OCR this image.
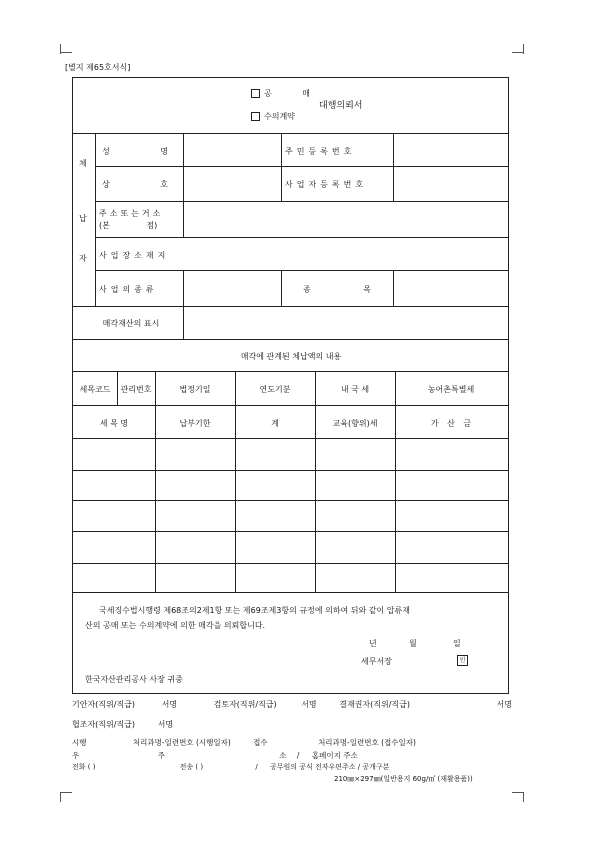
[별지 제65호서식]
공	매
대행의뢰서
수의계약
체
납
자
성 명	주민등록번호
상 호	사업자등록번호
주소또는거소
(본 점)
사업장소재지
사업의종류	종 목
매각재산의 표시
매각에 관계된 체납액의 내용
세목코드 관리번호	법정기일	연도기분	내 국 세	농어촌특별세
세 목 명	납부기한	계	교육(향위)세	가 산 금
국세징수법시행령 제68조의2제1항 또는 제69조제3항의 규정에 의하여 뒤와 같이 압류재
산의 공매 또는 수의계약에 의한 매각을 의뢰합니다.
년	월	일
세무서장	인
한국자산관리공사 사장 귀중
기안자(직위/직급)	서명	검토자(직위/직급)	서명	결재권자(직위/직급)	서명
협조자(직위/직급)	서명
시행	처리과명-일련번호 (시행일자)	접수	처리과명-일련번호 (접수일자)
우	주	소 / 홈페이지 주소
전화 ( )	전송 ( )	/ 공무원의 공식 전자우편주소 / 공개구분
210㎜×297㎜(일반용지 60g/㎡ (재활용품))
